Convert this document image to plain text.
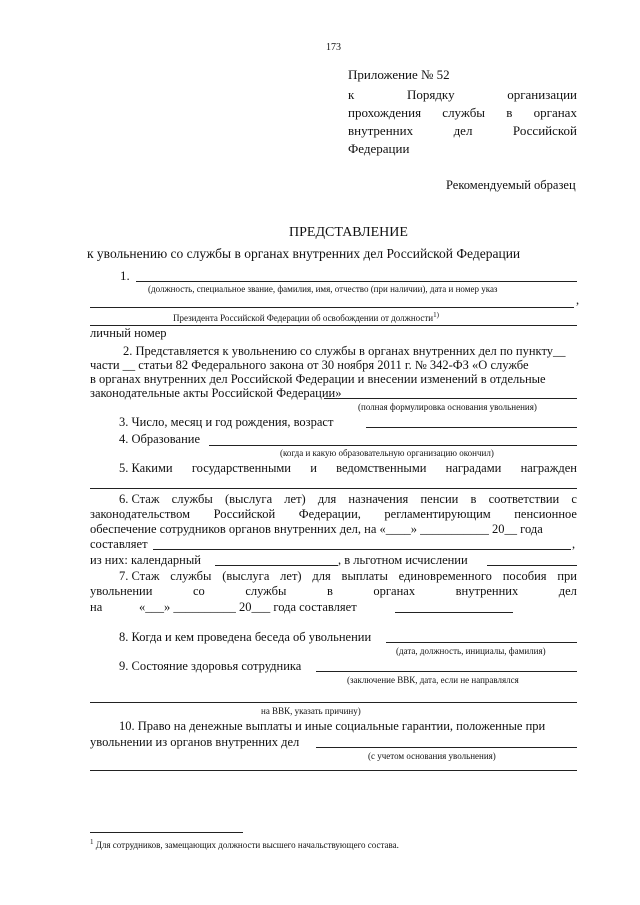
173
Приложение № 52
к	Порядку	организации
прохождения службы в органах
внутренних	дел	Российской
Федерации
Рекомендуемый образец
ПРЕДСТАВЛЕНИЕ
к увольнению со службы в органах внутренних дел Российской Федерации
1.
(должность, специальное звание, фамилия, имя, отчество (при наличии), дата и номер указ
,
Президента Российской Федерации об освобождении от должности$^{1)}$
личный номер
2. Представляется к увольнению со службы в органах внутренних дел по пункту__
части __ статьи 82 Федерального закона от 30 ноября 2011 г. № 342-ФЗ «О службе
в органах внутренних дел Российской Федерации и внесении изменений в отдельные
законодательные акты Российской Федерации»
(полная формулировка основания увольнения)
3. Число, месяц и год рождения, возраст
4. Образование
(когда и какую образовательную организацию окончил)
5. Какими государственными и ведомственными наградами награжден
6. Стаж службы (выслуга лет) для назначения пенсии в соответствии с
законодательством Российской Федерации, регламентирующим пенсионное
обеспечение сотрудников органов внутренних дел, на «____» ___________ 20__ года
составляет	,
из них: календарный	, в льготном исчислении
7. Стаж службы (выслуга лет) для выплаты единовременного пособия при
увольнении	со	службы	в	органах	внутренних	дел
на	«___» __________ 20___ года составляет
8. Когда и кем проведена беседа об увольнении
(дата, должность, инициалы, фамилия)
9. Состояние здоровья сотрудника
(заключение ВВК, дата, если не направлялся
на ВВК, указать причину)
10. Право на денежные выплаты и иные социальные гарантии, положенные при
увольнении из органов внутренних дел
(с учетом основания увольнения)
$^1$ Для сотрудников, замещающих должности высшего начальствующего состава.
